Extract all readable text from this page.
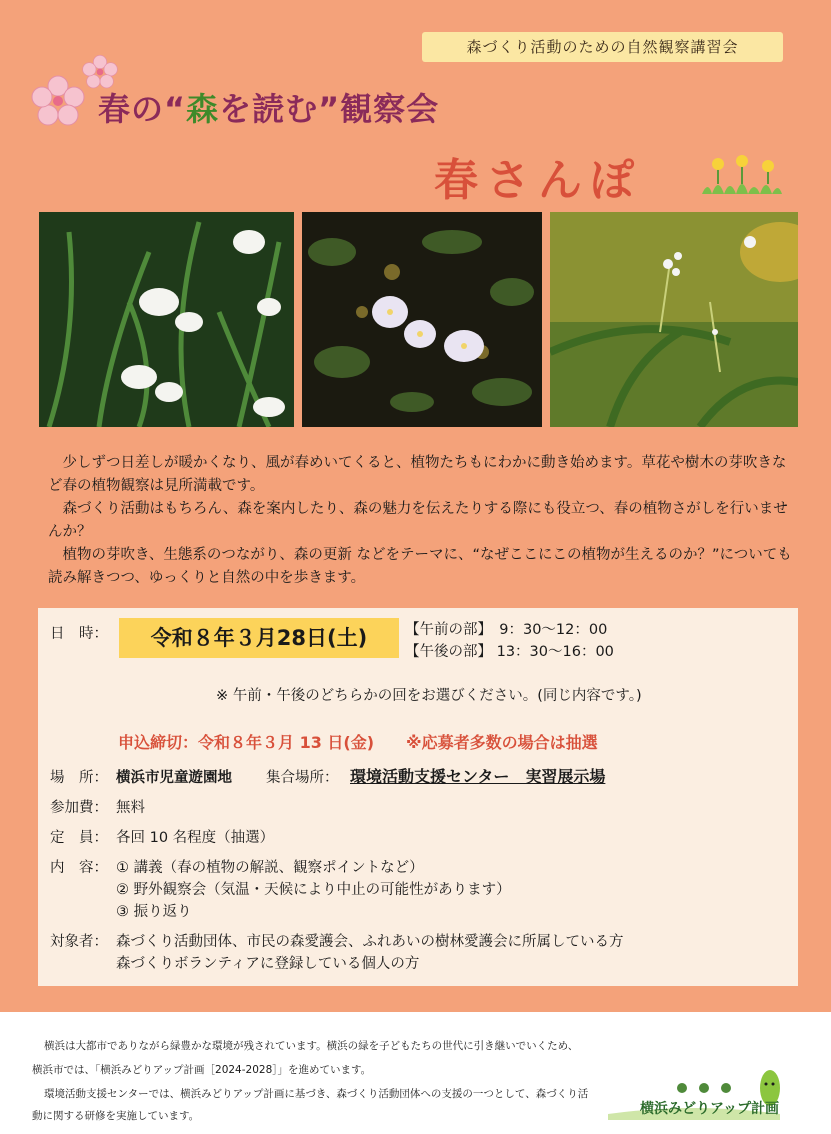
森づくり活動のための自然観察講習会
春の“森を読む”観察会
春さんぽ

少しずつ日差しが暖かくなり、風が春めいてくると、植物たちもにわかに動き始めます。草花や樹木の芽吹きなど春の植物観察は見所満載です。

森づくり活動はもちろん、森を案内したり、森の魅力を伝えたりする際にも役立つ、春の植物さがしを行いませんか？

植物の芽吹き、生態系のつながり、森の更新 などをテーマに、“なぜここにこの植物が生えるのか？”についても読み解きつつ、ゆっくりと自然の中を歩きます。

日　時：	令和８年３月28日(土)	【午前の部】　9：30～12：00
【午後の部】 13：30～16：00
※ 午前・午後のどちらかの回をお選びください。(同じ内容です。)
申込締切：令和８年３月 13 日(金)　　※応募者多数の場合は抽選
場　所： 横浜市児童遊園地 集合場所： 環境活動支援センター　実習展示場
参加費： 無料
定　員： 各回 10 名程度（抽選）
内　容： ① 講義（春の植物の解説、観察ポイントなど）
② 野外観察会（気温・天候により中止の可能性があります）
③ 振り返り
対象者： 森づくり活動団体、市民の森愛護会、ふれあいの樹林愛護会に所属している方
森づくりボランティアに登録している個人の方
横浜は大都市でありながら緑豊かな環境が残されています。横浜の緑を子どもたちの世代に引き継いでいくため、
横浜市では、「横浜みどりアップ計画［2024-2028］」を進めています。
環境活動支援センターでは、横浜みどりアップ計画に基づき、森づくり活動団体への支援の一つとして、森づくり活
動に関する研修を実施しています。	横浜みどりアップ計画
